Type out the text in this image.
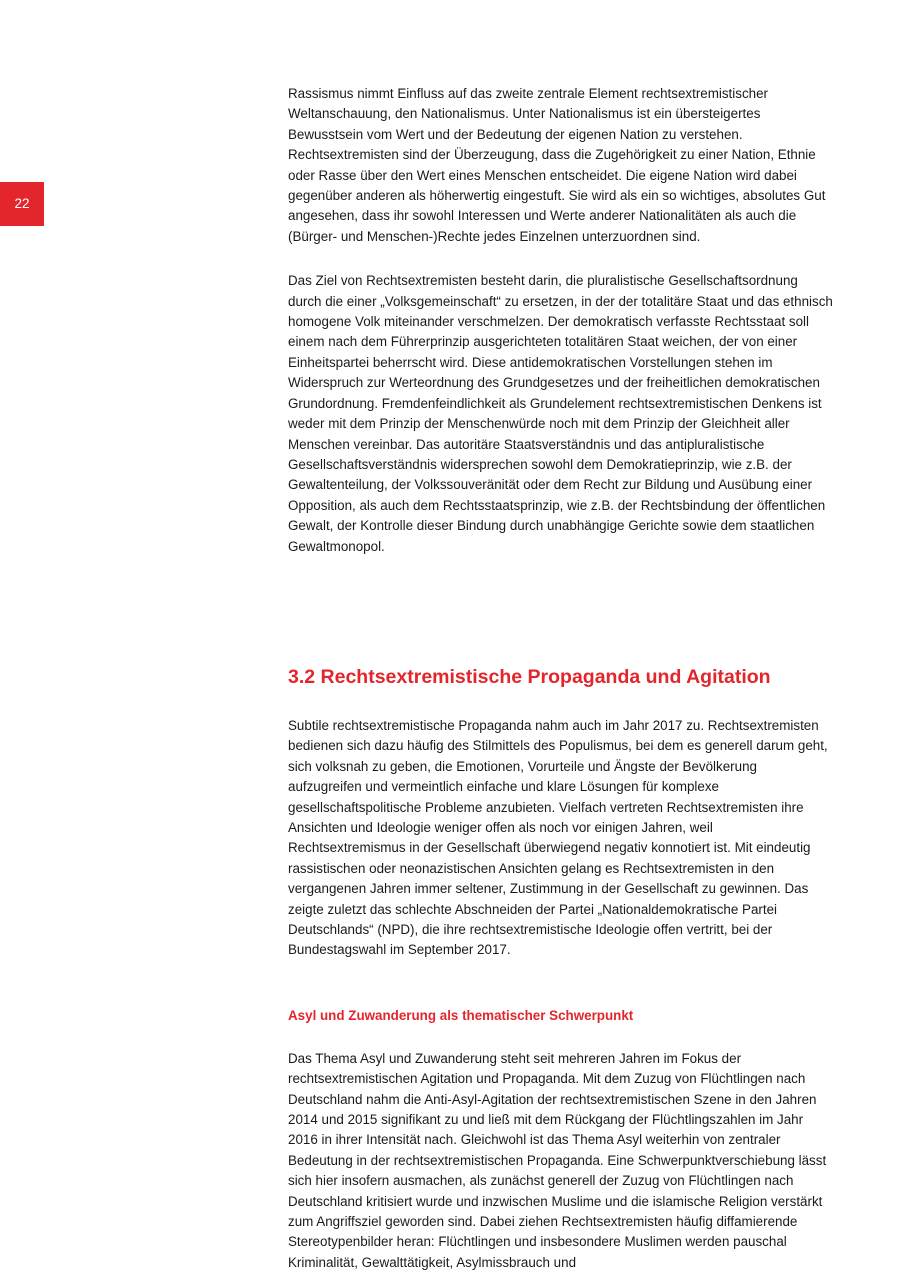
22

Rassismus nimmt Einfluss auf das zweite zentrale Element rechtsextremistischer Weltanschauung, den Nationalismus. Unter Nationalismus ist ein übersteigertes Bewusstsein vom Wert und der Bedeutung der eigenen Nation zu verstehen. Rechtsextremisten sind der Überzeugung, dass die Zugehörigkeit zu einer Nation, Ethnie oder Rasse über den Wert eines Menschen entscheidet. Die eigene Nation wird dabei gegenüber anderen als höherwertig eingestuft. Sie wird als ein so wichtiges, absolutes Gut angesehen, dass ihr sowohl Interessen und Werte anderer Nationalitäten als auch die (Bürger- und Menschen-)Rechte jedes Einzelnen unterzuordnen sind.

Das Ziel von Rechtsextremisten besteht darin, die pluralistische Gesellschaftsordnung durch die einer „Volksgemeinschaft“ zu ersetzen, in der der totalitäre Staat und das ethnisch homogene Volk miteinander verschmelzen. Der demokratisch verfasste Rechtsstaat soll einem nach dem Führerprinzip ausgerichteten totalitären Staat weichen, der von einer Einheitspartei beherrscht wird. Diese antidemokratischen Vorstellungen stehen im Widerspruch zur Werteordnung des Grundgesetzes und der freiheitlichen demokratischen Grundordnung. Fremdenfeindlichkeit als Grundelement rechtsextremistischen Denkens ist weder mit dem Prinzip der Menschenwürde noch mit dem Prinzip der Gleichheit aller Menschen vereinbar. Das autoritäre Staatsverständnis und das antipluralistische Gesellschaftsverständnis widersprechen sowohl dem Demokratieprinzip, wie z.B. der Gewaltenteilung, der Volkssouveränität oder dem Recht zur Bildung und Ausübung einer Opposition, als auch dem Rechtsstaatsprinzip, wie z.B. der Rechtsbindung der öffentlichen Gewalt, der Kontrolle dieser Bindung durch unabhängige Gerichte sowie dem staatlichen Gewaltmonopol.

3.2 Rechtsextremistische Propaganda und Agitation

Subtile rechtsextremistische Propaganda nahm auch im Jahr 2017 zu. Rechtsextremisten bedienen sich dazu häufig des Stilmittels des Populismus, bei dem es generell darum geht, sich volksnah zu geben, die Emotionen, Vorurteile und Ängste der Bevölkerung aufzugreifen und vermeintlich einfache und klare Lösungen für komplexe gesellschaftspolitische Probleme anzubieten. Vielfach vertreten Rechtsextremisten ihre Ansichten und Ideologie weniger offen als noch vor einigen Jahren, weil Rechtsextremismus in der Gesellschaft überwiegend negativ konnotiert ist. Mit eindeutig rassistischen oder neonazistischen Ansichten gelang es Rechtsextremisten in den vergangenen Jahren immer seltener, Zustimmung in der Gesellschaft zu gewinnen. Das zeigte zuletzt das schlechte Abschneiden der Partei „Nationaldemokratische Partei Deutschlands“ (NPD), die ihre rechtsextremistische Ideologie offen vertritt, bei der Bundestagswahl im September 2017.

Asyl und Zuwanderung als thematischer Schwerpunkt

Das Thema Asyl und Zuwanderung steht seit mehreren Jahren im Fokus der rechtsextremistischen Agitation und Propaganda. Mit dem Zuzug von Flüchtlingen nach Deutschland nahm die Anti-Asyl-Agitation der rechtsextremistischen Szene in den Jahren 2014 und 2015 signifikant zu und ließ mit dem Rückgang der Flüchtlingszahlen im Jahr 2016 in ihrer Intensität nach. Gleichwohl ist das Thema Asyl weiterhin von zentraler Bedeutung in der rechtsextremistischen Propaganda. Eine Schwerpunktverschiebung lässt sich hier insofern ausmachen, als zunächst generell der Zuzug von Flüchtlingen nach Deutschland kritisiert wurde und inzwischen Muslime und die islamische Religion verstärkt zum Angriffsziel geworden sind. Dabei ziehen Rechtsextremisten häufig diffamierende Stereotypenbilder heran: Flüchtlingen und insbesondere Muslimen werden pauschal Kriminalität, Gewalttätigkeit, Asylmissbrauch und
